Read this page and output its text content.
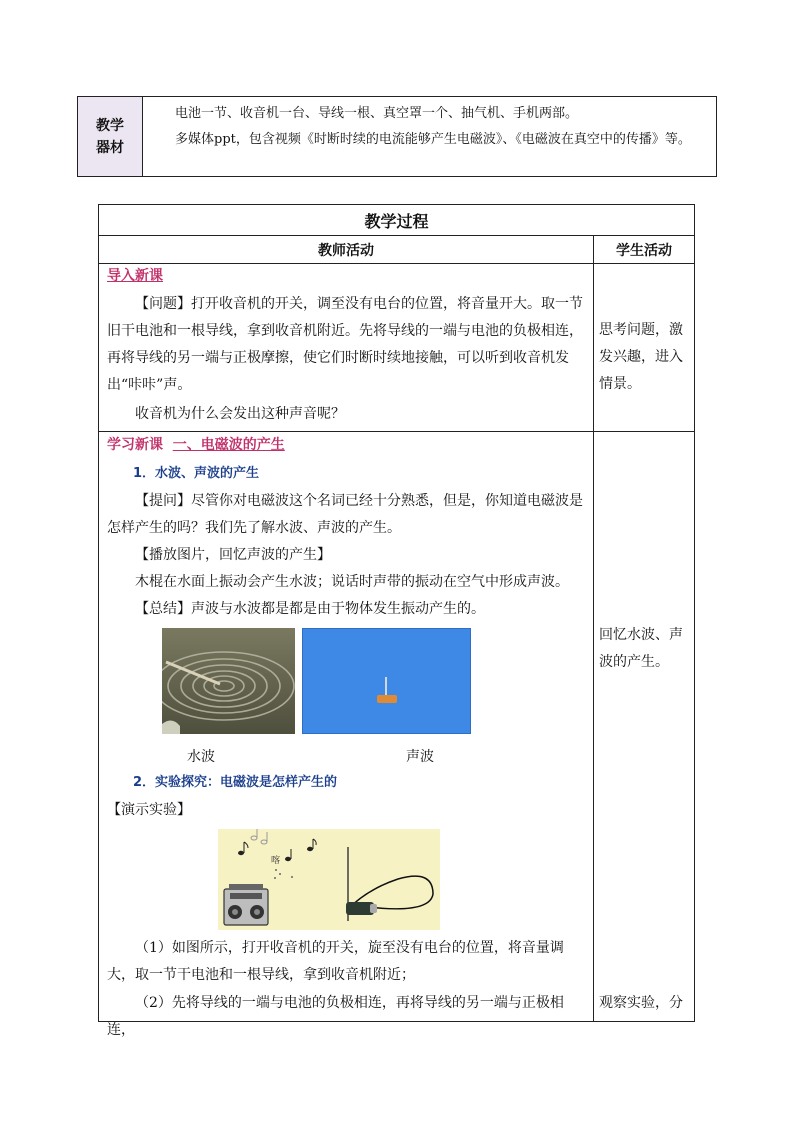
教学
器材

电池一节、收音机一台、导线一根、真空罩一个、抽气机、手机两部。

多媒体ppt，包含视频《时断时续的电流能够产生电磁波》、《电磁波在真空中的传播》等。

教学过程
教师活动	学生活动
导入新课
【问题】打开收音机的开关，调至没有电台的位置，将音量开大。取一节旧干电池和一根导线，拿到收音机附近。先将导线的一端与电池的负极相连，再将导线的另一端与正极摩擦，使它们时断时续地接触，可以听到收音机发出“咔咔”声。
收音机为什么会发出这种声音呢？
思考问题，激发兴趣，进入情景。
学习新课 一、电磁波的产生
1．水波、声波的产生
【提问】尽管你对电磁波这个名词已经十分熟悉，但是，你知道电磁波是怎样产生的吗？我们先了解水波、声波的产生。
【播放图片，回忆声波的产生】
木棍在水面上振动会产生水波；说话时声带的振动在空气中形成声波。
【总结】声波与水波都是都是由于物体发生振动产生的。
水波	声波
2．实验探究：电磁波是怎样产生的
【演示实验】
喀
（1）如图所示，打开收音机的开关，旋至没有电台的位置，将音量调大，取一节干电池和一根导线，拿到收音机附近；
（2）先将导线的一端与电池的负极相连，再将导线的另一端与正极相连，
回忆水波、声波的产生。
观察实验，分
